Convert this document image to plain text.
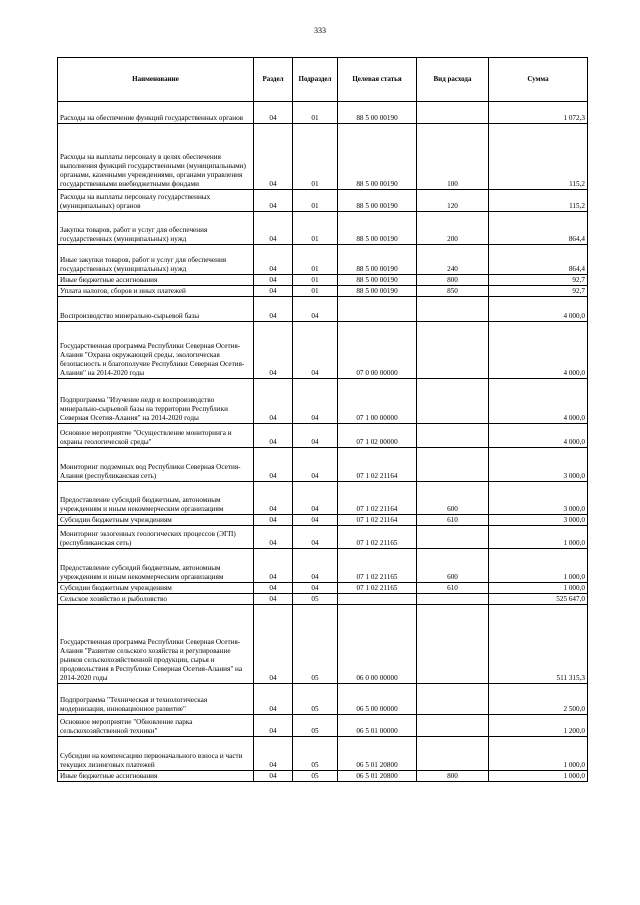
333
Наименование	Раздел	Подраздел	Целевая статья	Вид расхода	Сумма
Расходы на обеспечение функций государственных органов	04	01	88 5 00 00190		1 072,3
Расходы на выплаты персоналу в целях обеспечения выполнения функций государственными (муниципальными) органами, казенными учреждениями, органами управления государственными внебюджетными фондами	04	01	88 5 00 00190	100	115,2
Расходы на выплаты персоналу государственных (муниципальных) органов	04	01	88 5 00 00190	120	115,2
Закупка товаров, работ и услуг для обеспечения государственных (муниципальных) нужд	04	01	88 5 00 00190	200	864,4
Иные закупки товаров, работ и услуг для обеспечения государственных (муниципальных) нужд	04	01	88 5 00 00190	240	864,4
Иные бюджетные ассигнования	04	01	88 5 00 00190	800	92,7
Уплата налогов, сборов и иных платежей	04	01	88 5 00 00190	850	92,7
Воспроизводство минерально-сырьевой базы	04	04			4 000,0
Государственная программа Республики Северная Осетия-Алания "Охрана окружающей среды, экологическая безопасность и благополучие Республики Северная Осетия-Алания" на 2014-2020 годы	04	04	07 0 00 00000		4 000,0
Подпрограмма "Изучение недр и воспроизводство минерально-сырьевой базы на территории Республики Северная Осетия-Алания" на 2014-2020 годы	04	04	07 1 00 00000		4 000,0
Основное мероприятие "Осуществление мониторинга и охраны геологической среды"	04	04	07 1 02 00000		4 000,0
Мониторинг подземных вод Республики Северная Осетия-Алания (республиканская сеть)	04	04	07 1 02 21164		3 000,0
Предоставление субсидий бюджетным, автономным учреждениям и иным некоммерческим организациям	04	04	07 1 02 21164	600	3 000,0
Субсидии бюджетным учреждениям	04	04	07 1 02 21164	610	3 000,0
Мониторинг экзогенных геологических процессов (ЭГП) (республиканская сеть)	04	04	07 1 02 21165		1 000,0
Предоставление субсидий бюджетным, автономным учреждениям и иным некоммерческим организациям	04	04	07 1 02 21165	600	1 000,0
Субсидии бюджетным учреждениям	04	04	07 1 02 21165	610	1 000,0
Сельское хозяйство и рыболовство	04	05			525 647,0
Государственная программа Республики Северная Осетия-Алания "Развитие сельского хозяйства и регулирование рынков сельскохозяйственной продукции, сырья и продовольствия в Республике Северная Осетия-Алания" на 2014-2020 годы	04	05	06 0 00 00000		511 315,3
Подпрограмма "Техническая и технологическая модернизация, инновационное развитие"	04	05	06 5 00 00000		2 500,0
Основное мероприятие "Обновление парка сельскохозяйственной техники"	04	05	06 5 01 00000		1 200,0
Субсидии на компенсацию первоначального взноса и части текущих лизинговых платежей	04	05	06 5 01 20800		1 000,0
Иные бюджетные ассигнования	04	05	06 5 01 20800	800	1 000,0
